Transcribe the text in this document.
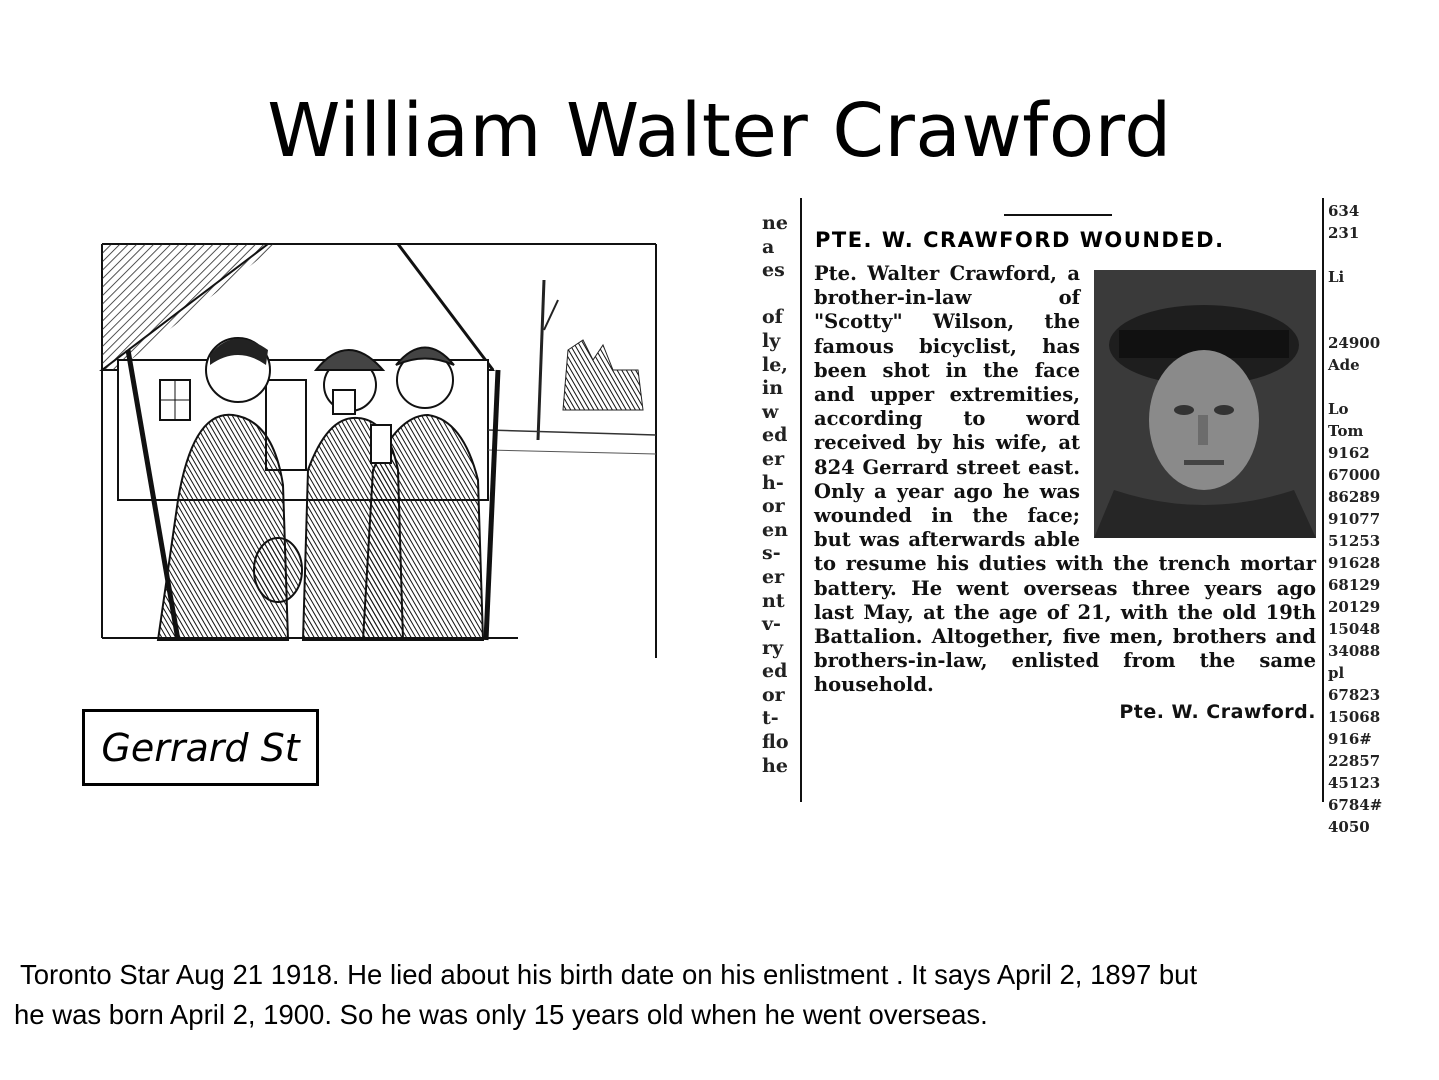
William Walter Crawford
Gerrard St
ne
a
es

of
ly
le,
in
w
ed
er
h-
or
en
s-
er
nt
v-
ry
ed
or
t-
flo
he
634
231

Li

24900
Ade

Lo
Tom
9162
67000
86289
91077
51253
91628
68129
20129
15048
34088
pl
67823
15068
916#
22857
45123
6784#
4050
PTE. W. CRAWFORD WOUNDED.
Pte. Walter Crawford, a brother-in-law of "Scotty" Wilson, the famous bicyclist, has been shot in the face and upper extremities, according to word received by his wife, at 824 Gerrard street east. Only a year ago he was wounded in the face; but was afterwards able to resume his duties with the trench mortar battery. He went overseas three years ago last May, at the age of 21, with the old 19th Battalion. Altogether, five men, brothers and brothers-in-law, enlisted from the same household.
Pte. W. Crawford.
Toronto Star Aug 21 1918. He lied about his birth date on his enlistment . It says April 2, 1897 but
he was born April 2, 1900. So he was only 15 years old when he went overseas.
